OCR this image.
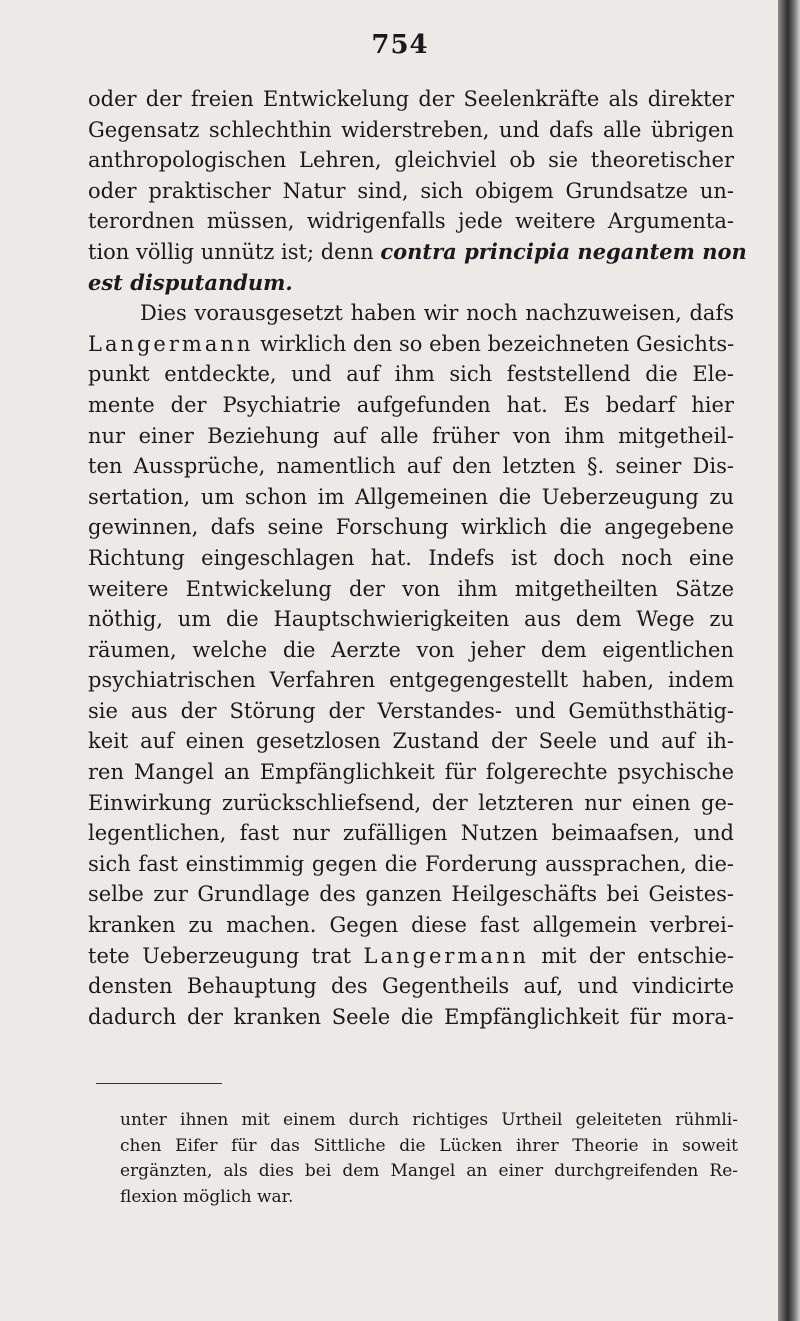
754
oder der freien Entwickelung der Seelenkräfte als direkter
Gegensatz schlechthin widerstreben, und dafs alle übrigen
anthropologischen Lehren, gleichviel ob sie theoretischer
oder praktischer Natur sind, sich obigem Grundsatze un-
terordnen müssen, widrigenfalls jede weitere Argumenta-
tion völlig unnütz ist; denn contra principia negantem non
est disputandum.
Dies vorausgesetzt haben wir noch nachzuweisen, dafs
Langermann wirklich den so eben bezeichneten Gesichts-
punkt entdeckte, und auf ihm sich feststellend die Ele-
mente der Psychiatrie aufgefunden hat. Es bedarf hier
nur einer Beziehung auf alle früher von ihm mitgetheil-
ten Aussprüche, namentlich auf den letzten §. seiner Dis-
sertation, um schon im Allgemeinen die Ueberzeugung zu
gewinnen, dafs seine Forschung wirklich die angegebene
Richtung eingeschlagen hat. Indefs ist doch noch eine
weitere Entwickelung der von ihm mitgetheilten Sätze
nöthig, um die Hauptschwierigkeiten aus dem Wege zu
räumen, welche die Aerzte von jeher dem eigentlichen
psychiatrischen Verfahren entgegengestellt haben, indem
sie aus der Störung der Verstandes- und Gemüthsthätig-
keit auf einen gesetzlosen Zustand der Seele und auf ih-
ren Mangel an Empfänglichkeit für folgerechte psychische
Einwirkung zurückschliefsend, der letzteren nur einen ge-
legentlichen, fast nur zufälligen Nutzen beimaafsen, und
sich fast einstimmig gegen die Forderung aussprachen, die-
selbe zur Grundlage des ganzen Heilgeschäfts bei Geistes-
kranken zu machen. Gegen diese fast allgemein verbrei-
tete Ueberzeugung trat Langermann mit der entschie-
densten Behauptung des Gegentheils auf, und vindicirte
dadurch der kranken Seele die Empfänglichkeit für mora-
unter ihnen mit einem durch richtiges Urtheil geleiteten rühmli-
chen Eifer für das Sittliche die Lücken ihrer Theorie in soweit
ergänzten, als dies bei dem Mangel an einer durchgreifenden Re-
flexion möglich war.
